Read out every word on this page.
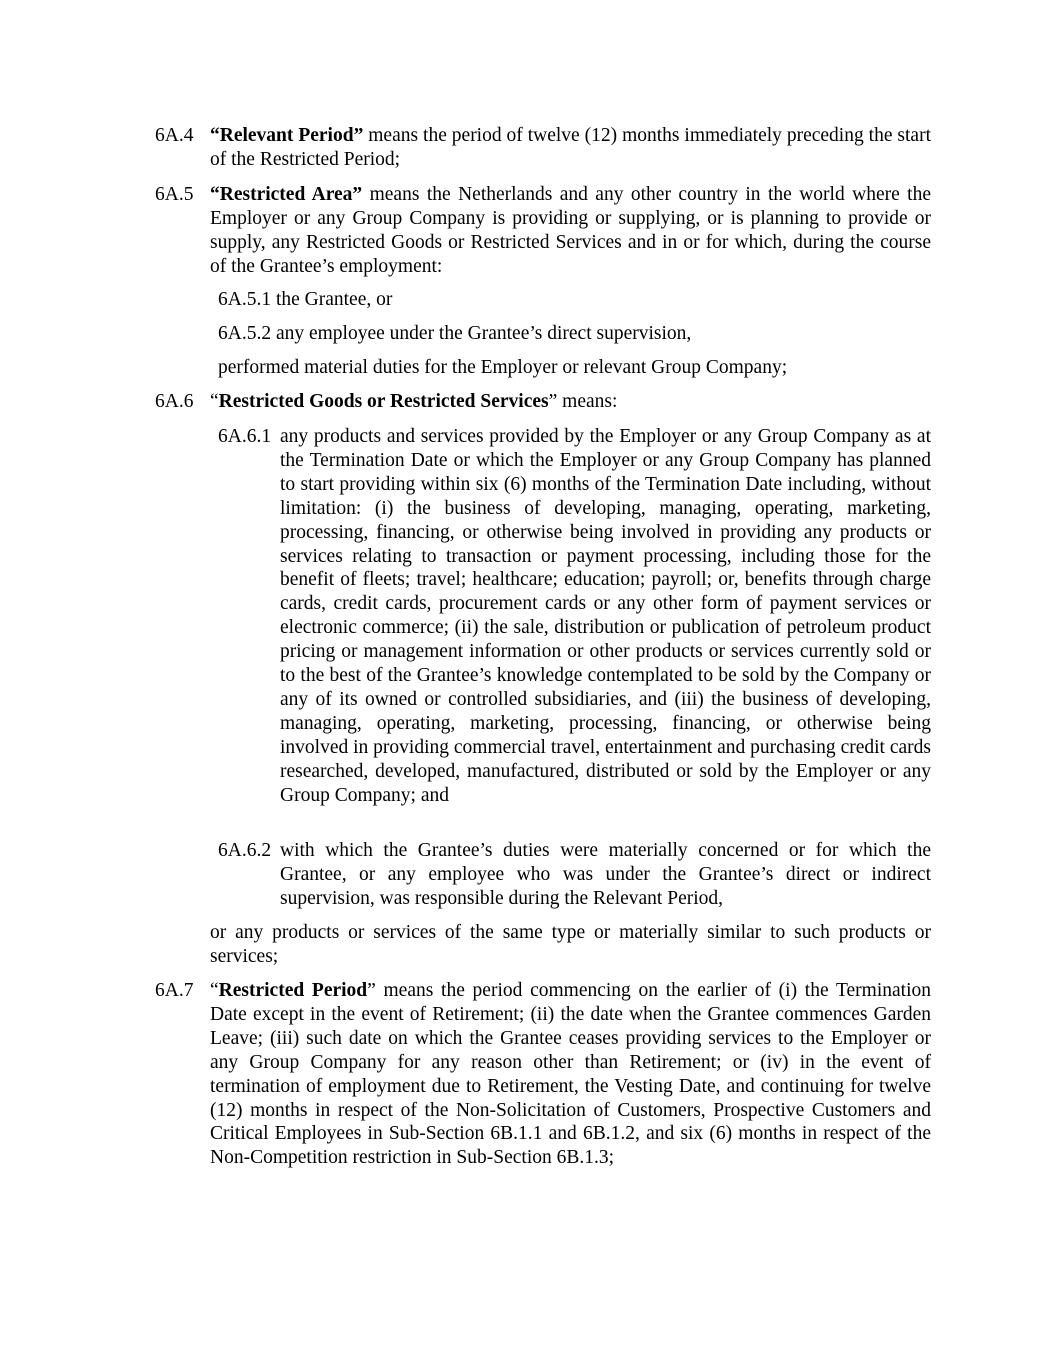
6A.4 “Relevant Period” means the period of twelve (12) months immediately preceding the start of the Restricted Period;
6A.5 “Restricted Area” means the Netherlands and any other country in the world where the Employer or any Group Company is providing or supplying, or is planning to provide or supply, any Restricted Goods or Restricted Services and in or for which, during the course of the Grantee’s employment:
6A.5.1 the Grantee, or
6A.5.2 any employee under the Grantee’s direct supervision,
performed material duties for the Employer or relevant Group Company;
6A.6 “Restricted Goods or Restricted Services” means:
6A.6.1 any products and services provided by the Employer or any Group Company as at the Termination Date or which the Employer or any Group Company has planned to start providing within six (6) months of the Termination Date including, without limitation: (i) the business of developing, managing, operating, marketing, processing, financing, or otherwise being involved in providing any products or services relating to transaction or payment processing, including those for the benefit of fleets; travel; healthcare; education; payroll; or, benefits through charge cards, credit cards, procurement cards or any other form of payment services or electronic commerce; (ii) the sale, distribution or publication of petroleum product pricing or management information or other products or services currently sold or to the best of the Grantee’s knowledge contemplated to be sold by the Company or any of its owned or controlled subsidiaries, and (iii) the business of developing, managing, operating, marketing, processing, financing, or otherwise being involved in providing commercial travel, entertainment and purchasing credit cards researched, developed, manufactured, distributed or sold by the Employer or any Group Company; and
6A.6.2 with which the Grantee’s duties were materially concerned or for which the Grantee, or any employee who was under the Grantee’s direct or indirect supervision, was responsible during the Relevant Period,
or any products or services of the same type or materially similar to such products or services;
6A.7 “Restricted Period” means the period commencing on the earlier of (i) the Termination Date except in the event of Retirement; (ii) the date when the Grantee commences Garden Leave; (iii) such date on which the Grantee ceases providing services to the Employer or any Group Company for any reason other than Retirement; or (iv) in the event of termination of employment due to Retirement, the Vesting Date, and continuing for twelve (12) months in respect of the Non-Solicitation of Customers, Prospective Customers and Critical Employees in Sub-Section 6B.1.1 and 6B.1.2, and six (6) months in respect of the Non-Competition restriction in Sub-Section 6B.1.3;
